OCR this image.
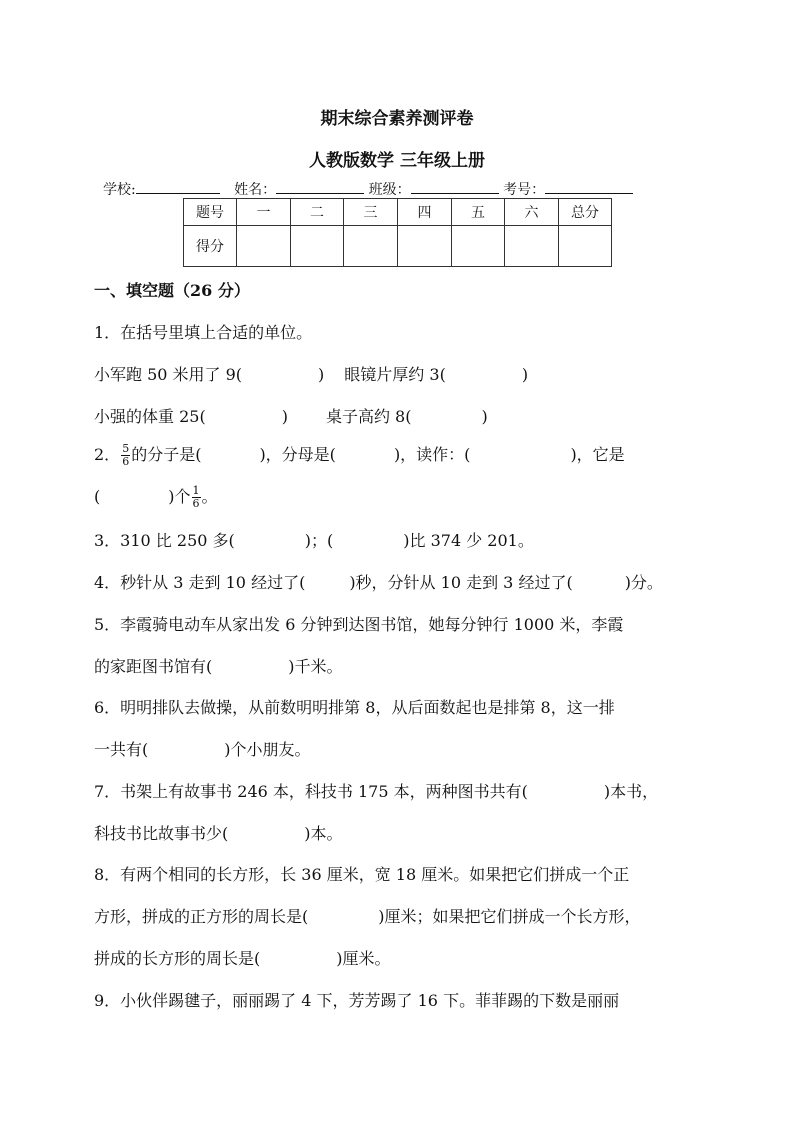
期末综合素养测评卷
人教版数学 三年级上册
学校:	姓名：	班级：	考号：
题号	一	二	三	四	五	六	总分
得分							
一、填空题（26 分）
1．在括号里填上合适的单位。
小军跑 50 米用了 9(	) 眼镜片厚约 3(	)
小强的体重 25(	) 桌子高约 8(	)
2． $\frac{5}{6}$ 的分子是(	)，分母是(	)，读作：(	)，它是
(	)个 $\frac{1}{6}$ 。
3．310 比 250 多(	)；(	)比 374 少 201。
4．秒针从 3 走到 10 经过了(	)秒，分针从 10 走到 3 经过了(	)分。
5．李霞骑电动车从家出发 6 分钟到达图书馆，她每分钟行 1000 米，李霞
的家距图书馆有(	)千米。
6．明明排队去做操，从前数明明排第 8，从后面数起也是排第 8，这一排
一共有(	)个小朋友。
7．书架上有故事书 246 本，科技书 175 本，两种图书共有(	)本书，
科技书比故事书少(	)本。
8．有两个相同的长方形，长 36 厘米，宽 18 厘米。如果把它们拼成一个正
方形，拼成的正方形的周长是(	)厘米；如果把它们拼成一个长方形，
拼成的长方形的周长是(	)厘米。
9．小伙伴踢毽子，丽丽踢了 4 下，芳芳踢了 16 下。菲菲踢的下数是丽丽
